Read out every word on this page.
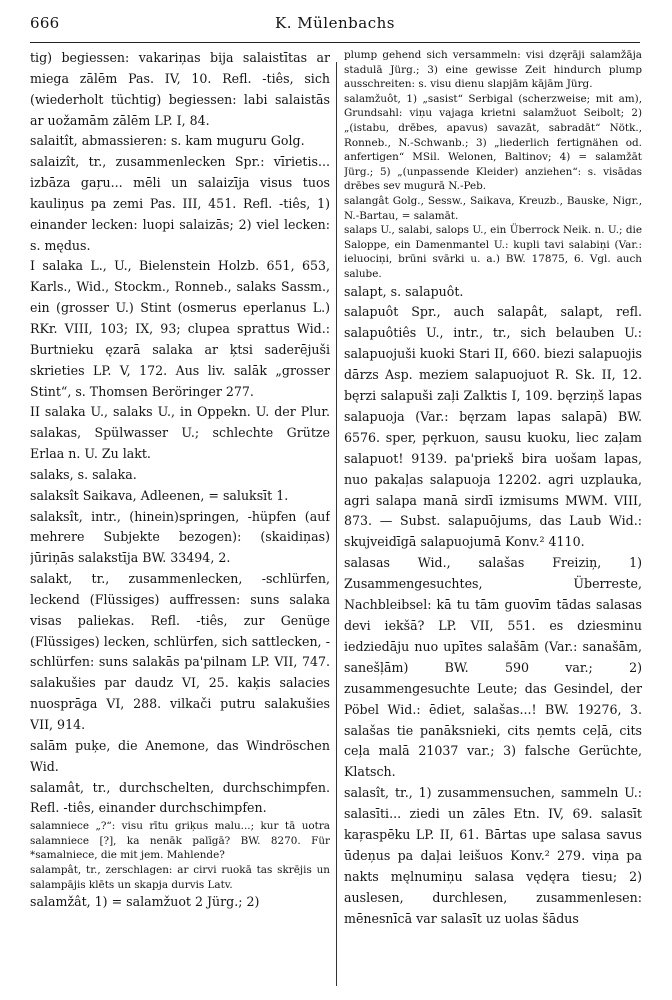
666	K. Mülenbachs

tig) begiessen: vakariņas bija salaistītas ar miega zālēm Pas. IV, 10. Refl. -tiês, sich (wiederholt tüchtig) begiessen: labi salaistās ar uožamām zālēm LP. I, 84.

salaitît, abmassieren: s. kam muguru Golg.

salaizît, tr., zusammenlecken Spr.: vīrietis... izbāza gaŗu... mēli un salaizīja visus tuos kauliņus pa zemi Pas. III, 451. Refl. -tiês, 1) einander lecken: luopi salaizās; 2) viel lecken: s. mędus.

I salaka L., U., Bielenstein Holzb. 651, 653, Karls., Wid., Stockm., Ronneb., salaks Sassm., ein (grosser U.) Stint (osmerus eperlanus L.) RKr. VIII, 103; IX, 93; clupea sprattus Wid.: Burtnieku ęzarā salaka ar ķtsi saderējuši skrieties LP. V, 172. Aus liv. salāk „grosser Stint“, s. Thomsen Beröringer 277.

II salaka U., salaks U., in Oppekn. U. der Plur. salakas, Spülwasser U.; schlechte Grütze Erlaa n. U. Zu lakt.

salaks, s. salaka.

salaksît Saikava, Adleenen, = saluksīt 1.

salaksît, intr., (hinein)springen, -hüpfen (auf mehrere Subjekte bezogen): (skaidiņas) jūriņās salakstīja BW. 33494, 2.

salakt, tr., zusammenlecken, -schlürfen, leckend (Flüssiges) auffressen: suns salaka visas paliekas. Refl. -tiês, zur Genüge (Flüssiges) lecken, schlürfen, sich sattlecken, -schlürfen: suns salakās pa'pilnam LP. VII, 747. salakušies par daudz VI, 25. kaķis salacies nuosprāga VI, 288. vilkači putru salakušies VII, 914.

salām puķe, die Anemone, das Windröschen Wid.

salamât, tr., durchschelten, durchschimpfen. Refl. -tiês, einander durchschimpfen.

salamniece „?“: visu rītu griķus malu...; kur tā uotra salamniece [?], ka nenāk palīgā? BW. 8270. Für *samalniece, die mit jem. Mahlende?

salampât, tr., zerschlagen: ar cirvi ruokā tas skrējis un salampājis klēts un skapja durvis Latv.

salamžât, 1) = salamžuot 2 Jürg.; 2)

plump gehend sich versammeln: visi dzęrāji salamžāja stadulā Jürg.; 3) eine gewisse Zeit hindurch plump ausschreiten: s. visu dienu slapjām kājām Jürg.

salamžuôt, 1) „sasist“ Serbigal (scherzweise; mit am), Grundsahl: viņu vajaga krietni salamžuot Seibolt; 2) „(istabu, drēbes, apavus) savazāt, sabradāt“ Nötk., Ronneb., N.-Schwanb.; 3) „liederlich fertignähen od. anfertigen“ MSil. Welonen, Baltinov; 4) = salamžāt Jürg.; 5) „(unpassende Kleider) anziehen“: s. visādas drēbes sev mugurā N.-Peb.

salangât Golg., Sessw., Saikava, Kreuzb., Bauske, Nigr., N.-Bartau, = salamāt.

salaps U., salabi, salops U., ein Überrock Neik. n. U.; die Saloppe, ein Damenmantel U.: kupli tavi salabiņi (Var.: ieluociņi, brūni svārki u. a.) BW. 17875, 6. Vgl. auch salube.

salapt, s. salapuôt.

salapuôt Spr., auch salapât, salapt, refl. salapuôtiês U., intr., tr., sich belauben U.: salapuojuši kuoki Stari II, 660. biezi salapuojis dārzs Asp. meziem salapuojuot R. Sk. II, 12. bęrzi salapuši zaļi Zalktis I, 109. bęrziņš lapas salapuoja (Var.: bęrzam lapas salapā) BW. 6576. sper, pęrkuon, sausu kuoku, liec zaļam salapuot! 9139. pa'priekš bira uošam lapas, nuo pakaļas salapuoja 12202. agri uzplauka, agri salapa manā sirdī izmisums MWM. VIII, 873. — Subst. salapuōjums, das Laub Wid.: skujveidīgā salapuojumā Konv.² 4110.

salasas Wid., salašas Freiziņ, 1) Zusammengesuchtes, Überreste, Nachbleibsel: kā tu tām guovīm tādas salasas devi iekšā? LP. VII, 551. es dziesminu iedziedāju nuo upītes salašām (Var.: sanašām, sanešļām) BW. 590 var.; 2) zusammengesuchte Leute; das Gesindel, der Pöbel Wid.: ēdiet, salašas...! BW. 19276, 3. salašas tie panāksnieki, cits ņemts ceļā, cits ceļa malā 21037 var.; 3) falsche Gerüchte, Klatsch.

salasît, tr., 1) zusammensuchen, sammeln U.: salasīti... ziedi un zāles Etn. IV, 69. salasīt kaŗaspēku LP. II, 61. Bārtas upe salasa savus ūdeņus pa daļai leišuos Konv.² 279. viņa pa nakts męlnumiņu salasa vędęra tiesu; 2) auslesen, durchlesen, zusammenlesen: mēnesnīcā var salasīt uz uolas šādus
